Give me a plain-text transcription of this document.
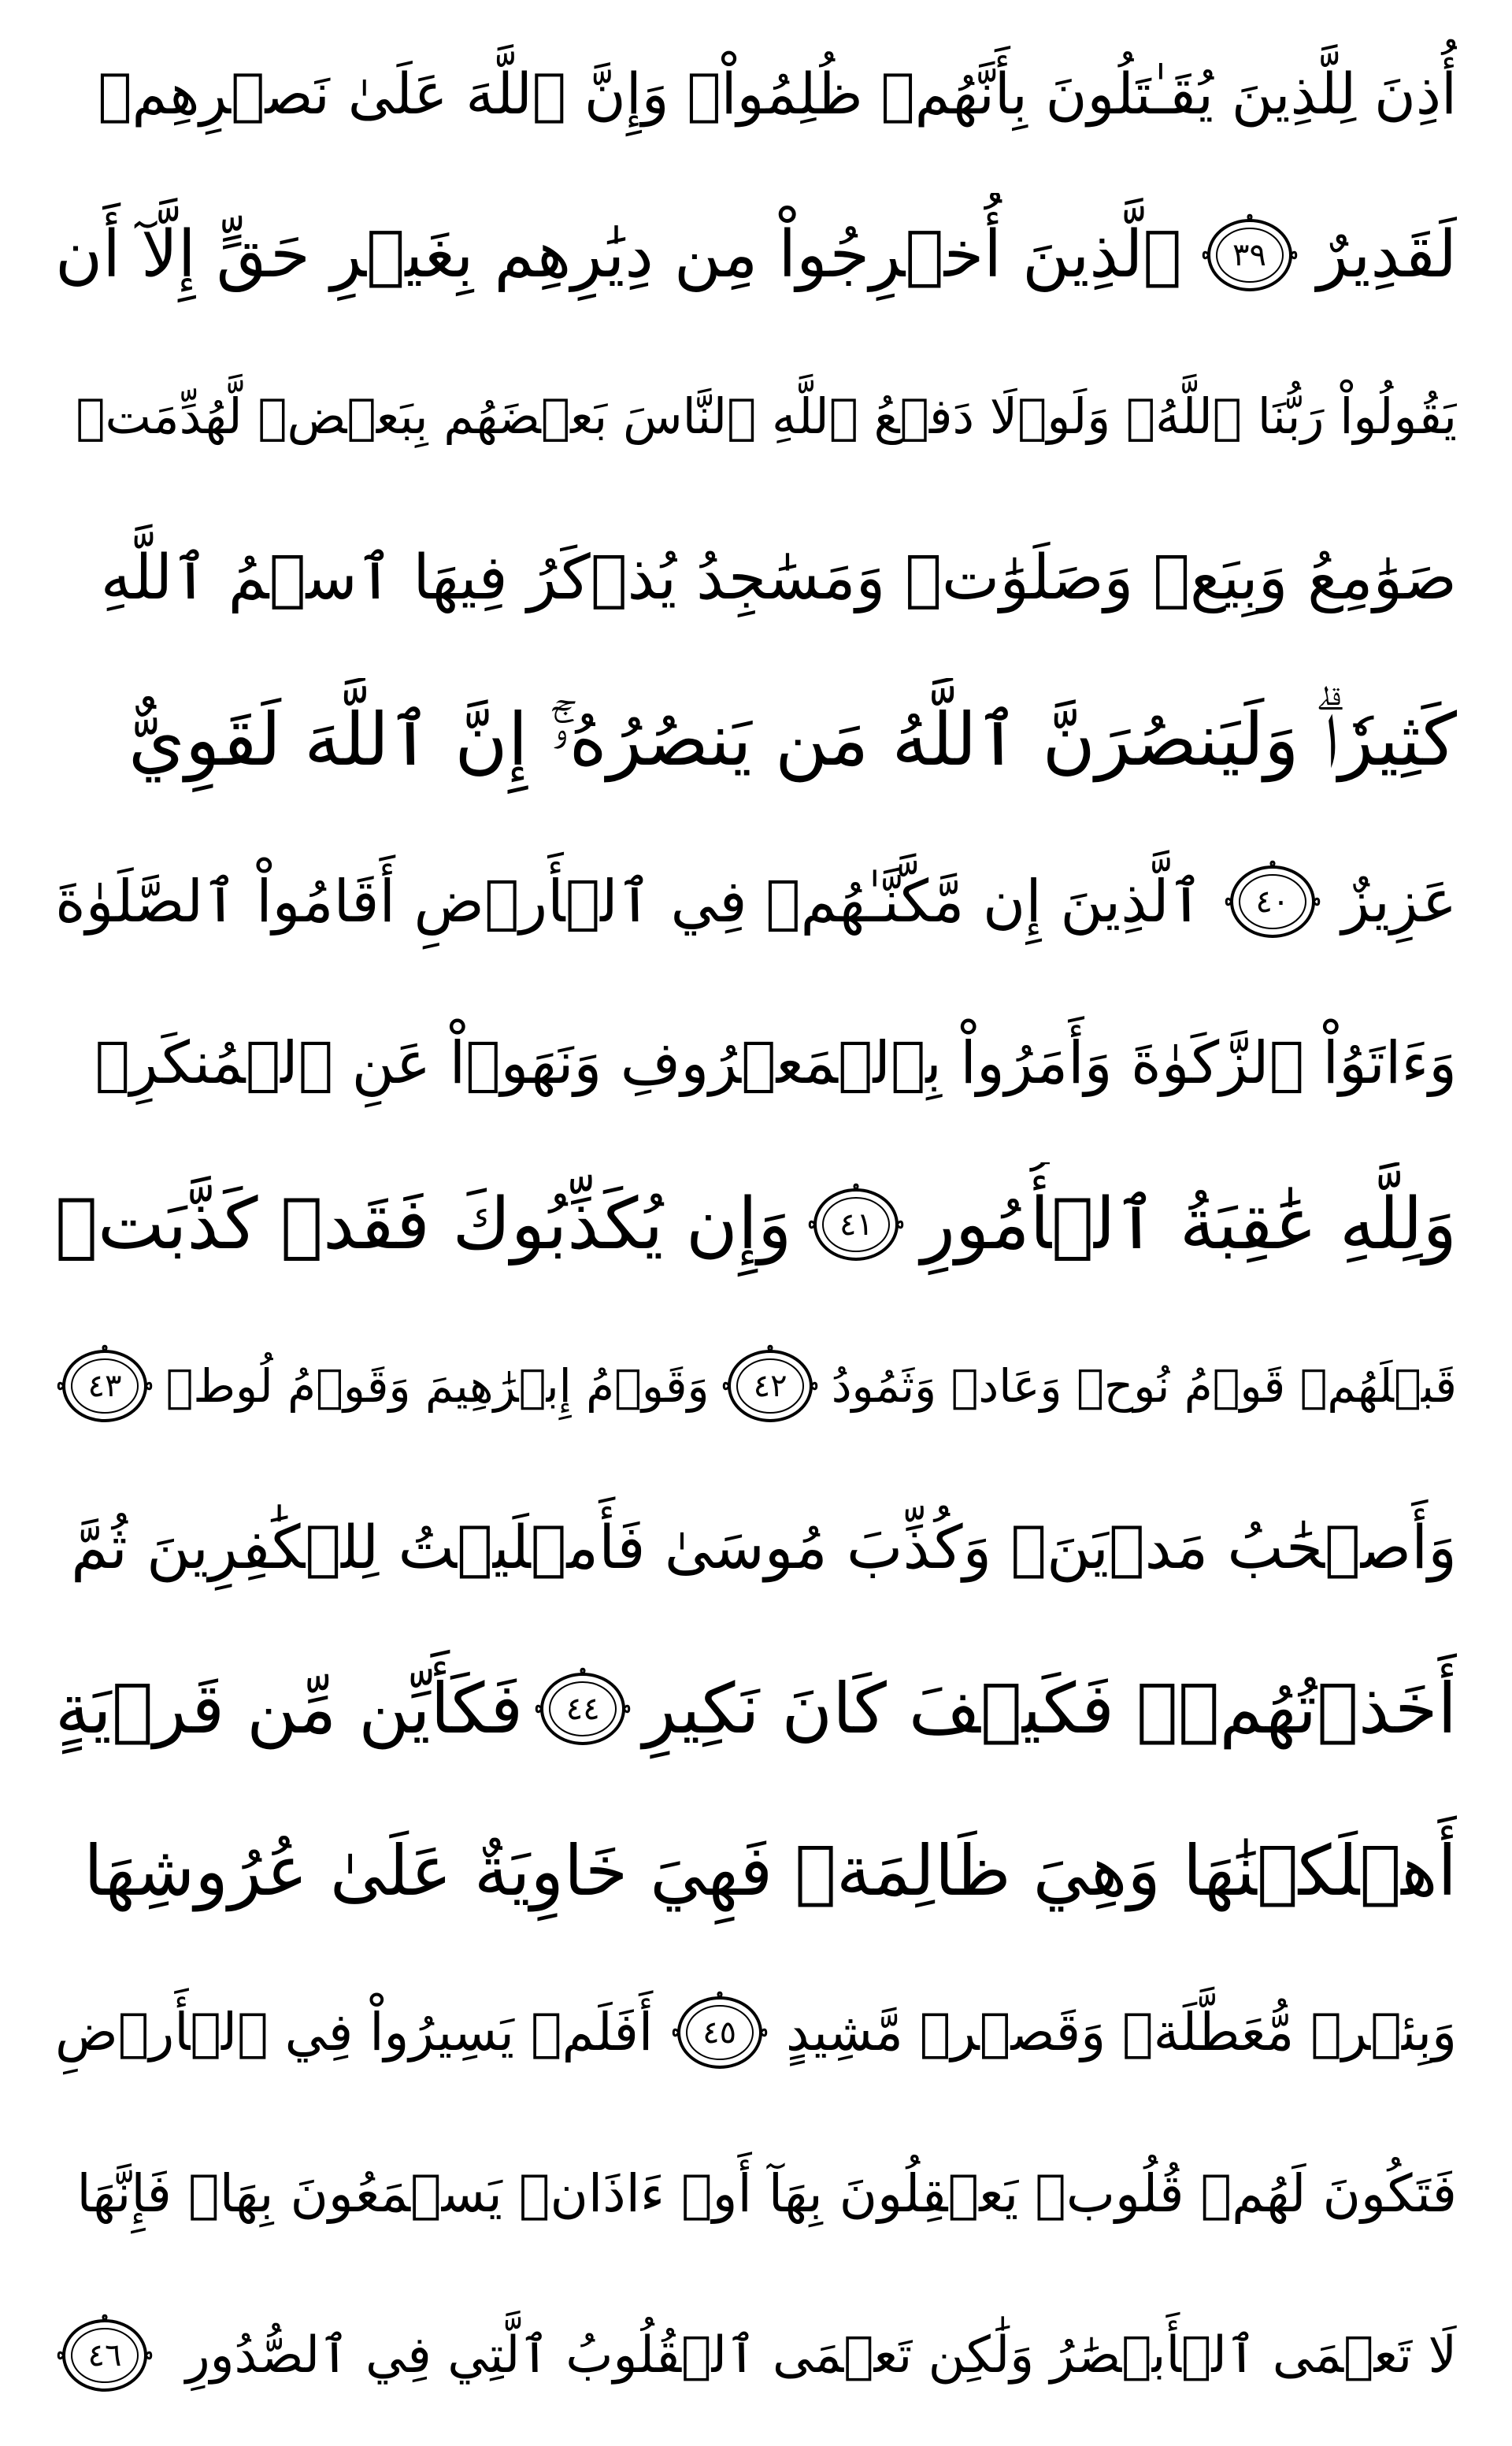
أُذِنَ لِلَّذِينَ يُقَـٰتَلُونَ بِأَنَّهُمۡ ظُلِمُواْۚ وَإِنَّ ٱللَّهَ عَلَىٰ نَصۡرِهِمۡ
لَقَدِيرٌ
٣٩
ٱلَّذِينَ أُخۡرِجُواْ مِن دِيَٰرِهِم بِغَيۡرِ حَقٍّ إِلَّآ أَن
يَقُولُواْ رَبُّنَا ٱللَّهُۗ وَلَوۡلَا دَفۡعُ ٱللَّهِ ٱلنَّاسَ بَعۡضَهُم بِبَعۡضٖ لَّهُدِّمَتۡ
صَوَٰمِعُ وَبِيَعٞ وَصَلَوَٰتٞ وَمَسَٰجِدُ يُذۡكَرُ فِيهَا ٱسۡمُ ٱللَّهِ
كَثِيرٗاۗ وَلَيَنصُرَنَّ ٱللَّهُ مَن يَنصُرُهُۥٓۚ إِنَّ ٱللَّهَ لَقَوِيٌّ
عَزِيزٌ
٤٠
ٱلَّذِينَ إِن مَّكَّنَّـٰهُمۡ فِي ٱلۡأَرۡضِ أَقَامُواْ ٱلصَّلَوٰةَ
وَءَاتَوُاْ ٱلزَّكَوٰةَ وَأَمَرُواْ بِٱلۡمَعۡرُوفِ وَنَهَوۡاْ عَنِ ٱلۡمُنكَرِۗ
وَلِلَّهِ عَٰقِبَةُ ٱلۡأُمُورِ
٤١
وَإِن يُكَذِّبُوكَ فَقَدۡ كَذَّبَتۡ
قَبۡلَهُمۡ قَوۡمُ نُوحٖ وَعَادٞ وَثَمُودُ
٤٢
وَقَوۡمُ إِبۡرَٰهِيمَ وَقَوۡمُ لُوطٖ
٤٣
وَأَصۡحَٰبُ مَدۡيَنَۖ وَكُذِّبَ مُوسَىٰ فَأَمۡلَيۡتُ لِلۡكَٰفِرِينَ ثُمَّ
أَخَذۡتُهُمۡۖ فَكَيۡفَ كَانَ نَكِيرِ
٤٤
فَكَأَيِّن مِّن قَرۡيَةٍ
أَهۡلَكۡنَٰهَا وَهِيَ ظَالِمَةٞ فَهِيَ خَاوِيَةٌ عَلَىٰ عُرُوشِهَا
وَبِئۡرٖ مُّعَطَّلَةٖ وَقَصۡرٖ مَّشِيدٍ
٤٥
أَفَلَمۡ يَسِيرُواْ فِي ٱلۡأَرۡضِ
فَتَكُونَ لَهُمۡ قُلُوبٞ يَعۡقِلُونَ بِهَآ أَوۡ ءَاذَانٞ يَسۡمَعُونَ بِهَاۖ فَإِنَّهَا
لَا تَعۡمَى ٱلۡأَبۡصَٰرُ وَلَٰكِن تَعۡمَى ٱلۡقُلُوبُ ٱلَّتِي فِي ٱلصُّدُورِ
٤٦
